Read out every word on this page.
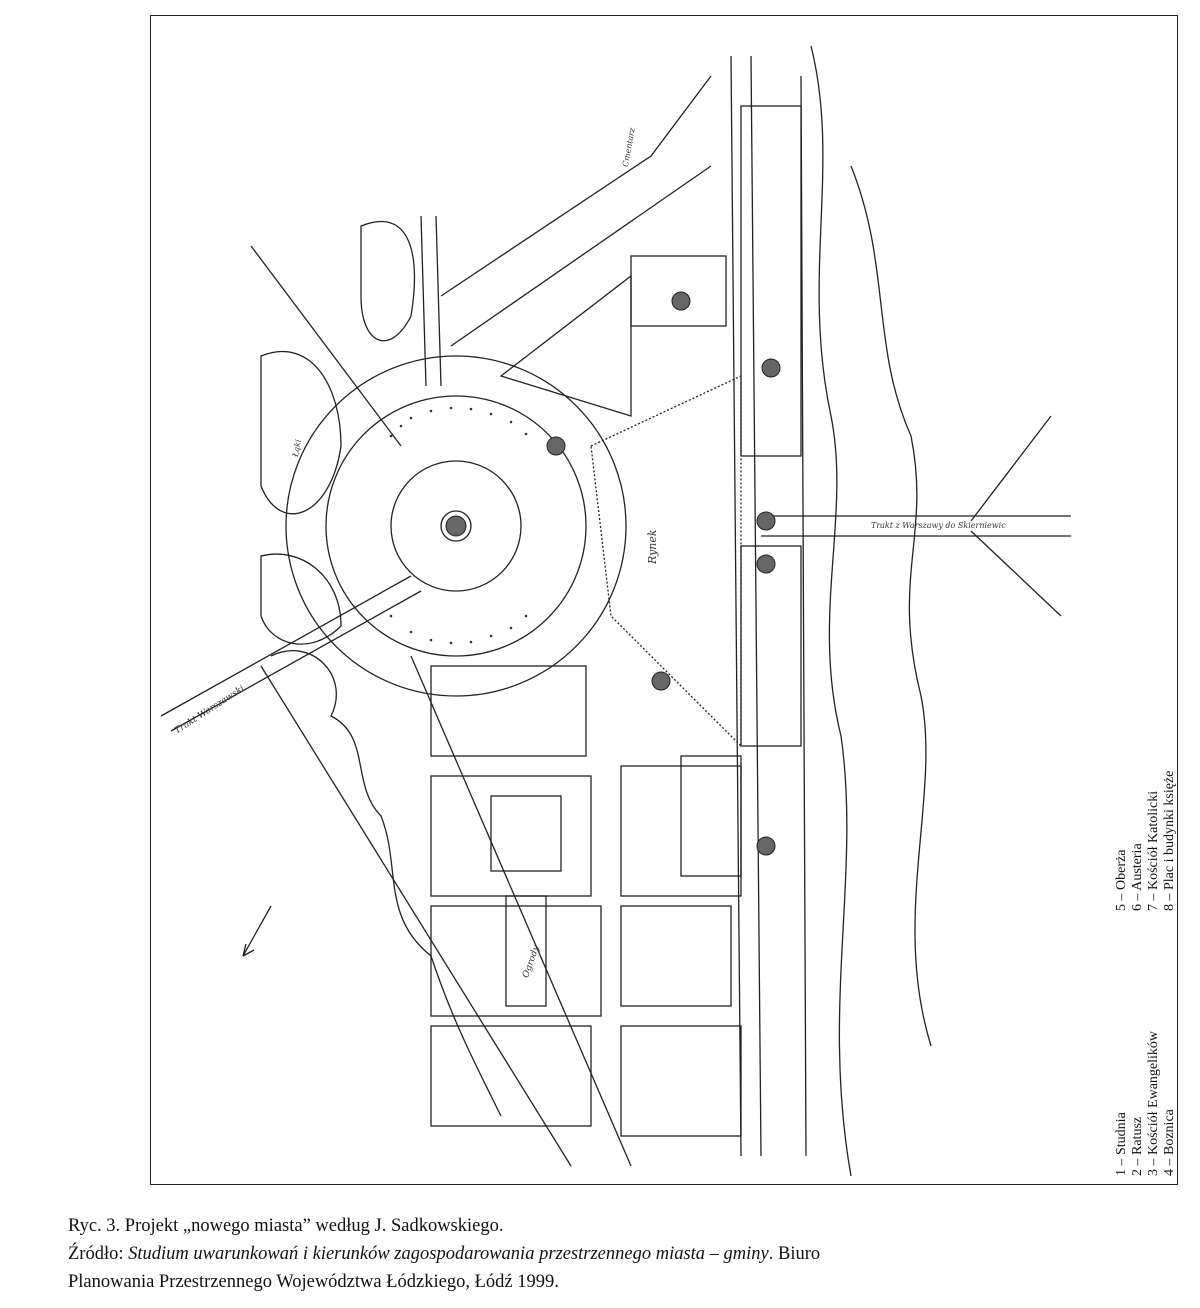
Rynek
Trakt Warszawski
Trakt z Warszawy do Skierniewic
Ogrody
Cmentarz
Łąki
1 – Studnia 2 – Ratusz 3 – Kościół Ewangelików 4 – Boznica
5 – Oberża 6 – Austeria 7 – Kościół Katolicki 8 – Plac i budynki księże
Ryc. 3. Projekt „nowego miasta” według J. Sadkowskiego.
Źródło: Studium uwarunkowań i kierunków zagospodarowania przestrzennego miasta – gminy. Biuro
Planowania Przestrzennego Województwa Łódzkiego, Łódź 1999.
